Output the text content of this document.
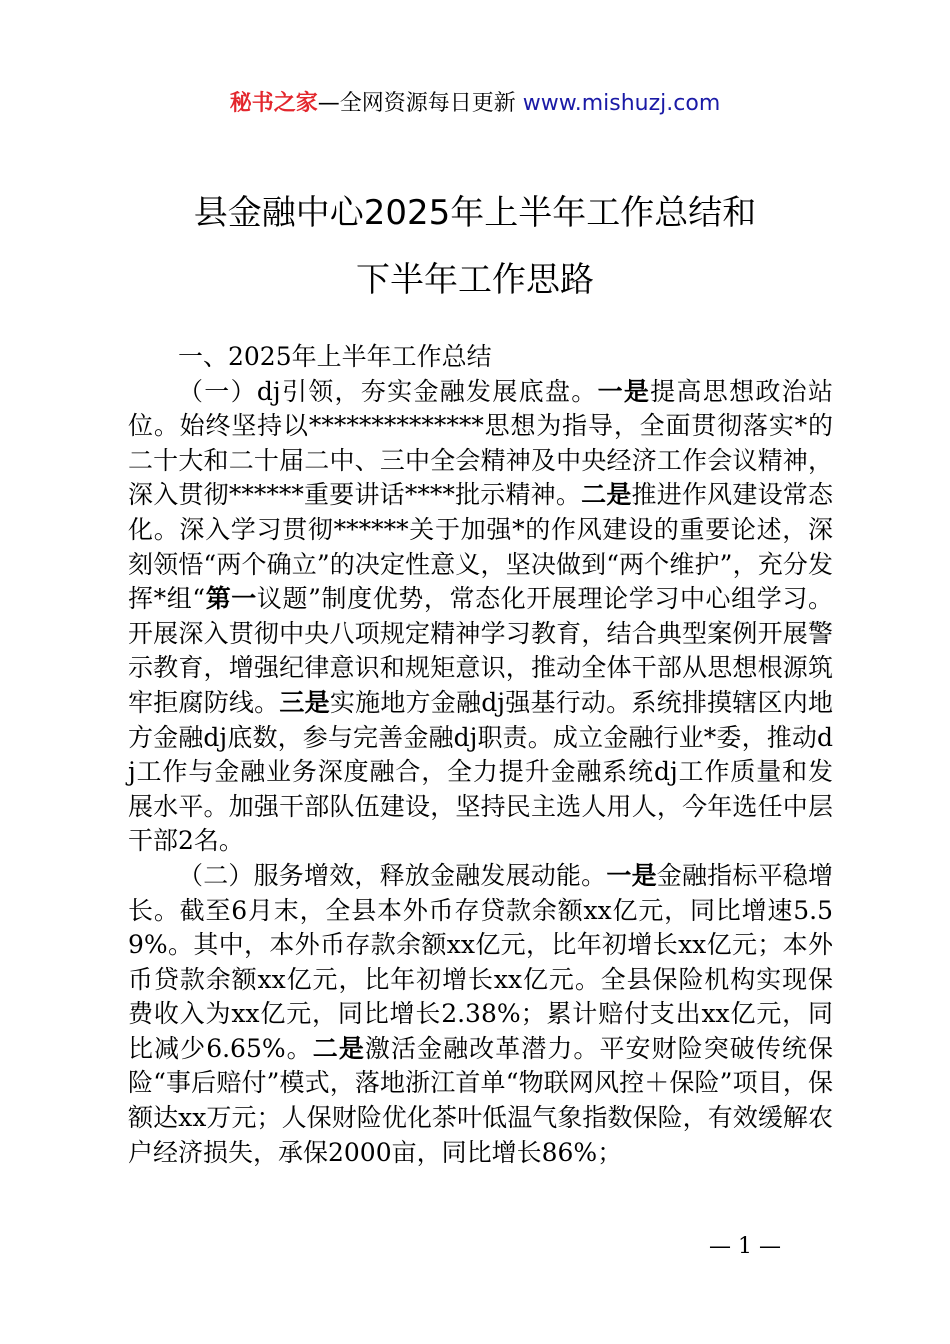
秘书之家—全网资源每日更新 www.mishuzj.com
县金融中心2025年上半年工作总结和
下半年工作思路

一、2025年上半年工作总结

（一）dj引领，夯实金融发展底盘。一是提高思想政治站位。始终坚持以**************思想为指导，全面贯彻落实*的二十大和二十届二中、三中全会精神及中央经济工作会议精神，深入贯彻******重要讲话****批示精神。二是推进作风建设常态化。深入学习贯彻******关于加强*的作风建设的重要论述，深刻领悟“两个确立”的决定性意义，坚决做到“两个维护”，充分发挥*组“第一议题”制度优势，常态化开展理论学习中心组学习。开展深入贯彻中央八项规定精神学习教育，结合典型案例开展警示教育，增强纪律意识和规矩意识，推动全体干部从思想根源筑牢拒腐防线。三是实施地方金融dj强基行动。系统排摸辖区内地方金融dj底数，参与完善金融dj职责。成立金融行业*委，推动dj工作与金融业务深度融合，全力提升金融系统dj工作质量和发展水平。加强干部队伍建设，坚持民主选人用人，今年选任中层干部2名。

（二）服务增效，释放金融发展动能。一是金融指标平稳增长。截至6月末，全县本外币存贷款余额xx亿元，同比增速5.59%。其中，本外币存款余额xx亿元，比年初增长xx亿元；本外币贷款余额xx亿元，比年初增长xx亿元。全县保险机构实现保费收入为xx亿元，同比增长2.38%；累计赔付支出xx亿元，同比减少6.65%。二是激活金融改革潜力。平安财险突破传统保险“事后赔付”模式，落地浙江首单“物联网风控＋保险”项目，保额达xx万元；人保财险优化茶叶低温气象指数保险，有效缓解农户经济损失，承保2000亩，同比增长86%；

— 1 —
